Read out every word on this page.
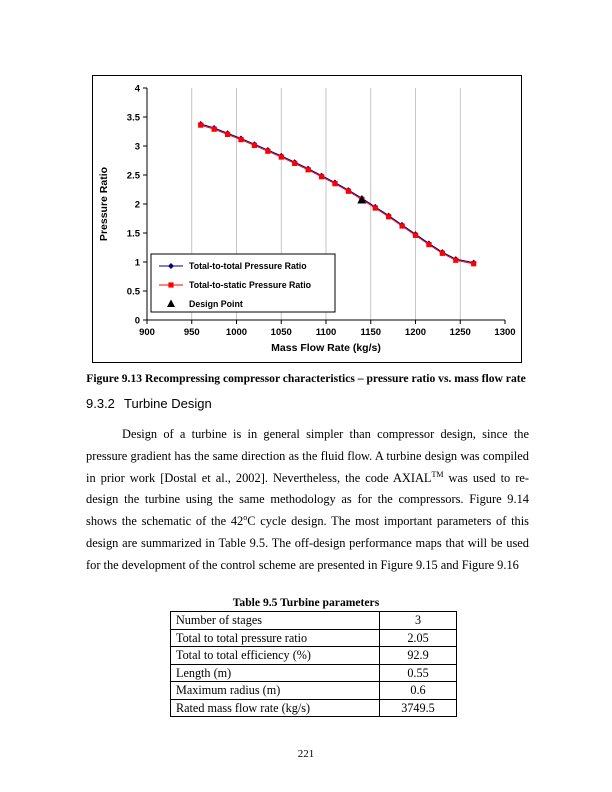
900	950	1000 1050	1100	1150	1200 1250 1300
0
0.5
1
1.5
2
2.5
3
3.5
4
Mass Flow Rate (kg/s)
Pressure Ratio
Total-to-total Pressure Ratio
Total-to-static Pressure Ratio
Design Point

Figure 9.13 Recompressing compressor characteristics – pressure ratio vs. mass flow rate

9.3.2 Turbine Design

Design of a turbine is in general simpler than compressor design, since the pressure gradient has the same direction as the fluid flow. A turbine design was compiled in prior work [Dostal et al., 2002]. Nevertheless, the code AXIAL™ was used to re-design the turbine using the same methodology as for the compressors. Figure 9.14 shows the schematic of the 42$^o$C cycle design. The most important parameters of this design are summarized in Table 9.5. The off-design performance maps that will be used for the development of the control scheme are presented in Figure 9.15 and Figure 9.16

Table 9.5 Turbine parameters

Number of stages	3
Total to total pressure ratio	2.05
Total to total efficiency (%)	92.9
Length (m)	0.55
Maximum radius (m)	0.6
Rated mass flow rate (kg/s)	3749.5
221
